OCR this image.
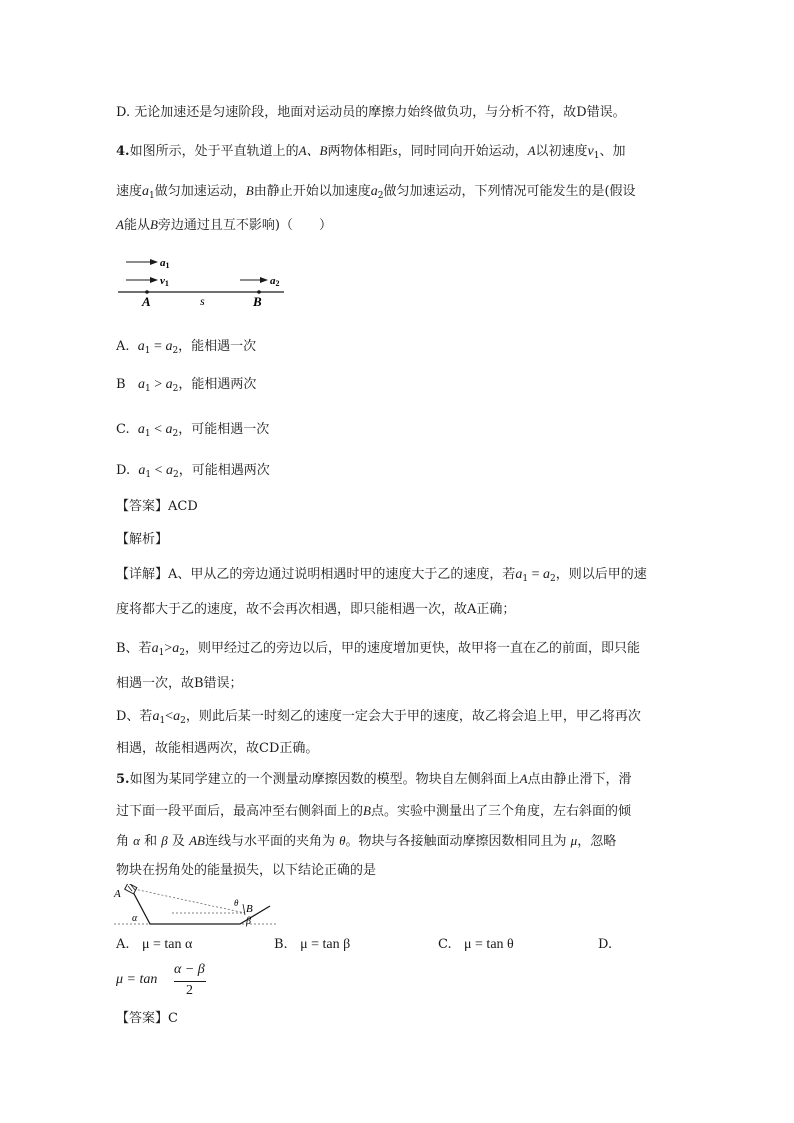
D. 无论加速还是匀速阶段，地面对运动员的摩擦力始终做负功，与分析不符，故D错误。
4.如图所示，处于平直轨道上的A、B两物体相距s，同时同向开始运动，A以初速度$v_1$、加
速度$a_1$做匀加速运动，B由静止开始以加速度$a_2$做匀加速运动，下列情况可能发生的是(假设
A能从B旁边通过且互不影响)（　　）
a1
v1	a2
A	s	B
A. $a_1 = a_2$，能相遇一次
B $a_1 > a_2$，能相遇两次
C. $a_1 < a_2$，可能相遇一次
D. $a_1 < a_2$，可能相遇两次
【答案】ACD
【解析】
【详解】A、甲从乙的旁边通过说明相遇时甲的速度大于乙的速度，若$a_1 = a_2$，则以后甲的速
度将都大于乙的速度，故不会再次相遇，即只能相遇一次，故A正确；
B、若$a_1>a_2$，则甲经过乙的旁边以后，甲的速度增加更快，故甲将一直在乙的前面，即只能
相遇一次，故B错误；
D、若$a_1<a_2$，则此后某一时刻乙的速度一定会大于甲的速度，故乙将会追上甲，甲乙将再次
相遇，故能相遇两次，故CD正确。
5.如图为某同学建立的一个测量动摩擦因数的模型。物块自左侧斜面上A点由静止滑下，滑
过下面一段平面后，最高冲至右侧斜面上的B点。实验中测量出了三个角度，左右斜面的倾
角 α 和 β 及 AB连线与水平面的夹角为 θ。物块与各接触面动摩擦因数相同且为 μ，忽略
物块在拐角处的能量损失，以下结论正确的是
A
α
θ B
β
A. μ = tan α	B. μ = tan β	C. μ = tan θ	D.
μ = tan
α − β
2
【答案】C
